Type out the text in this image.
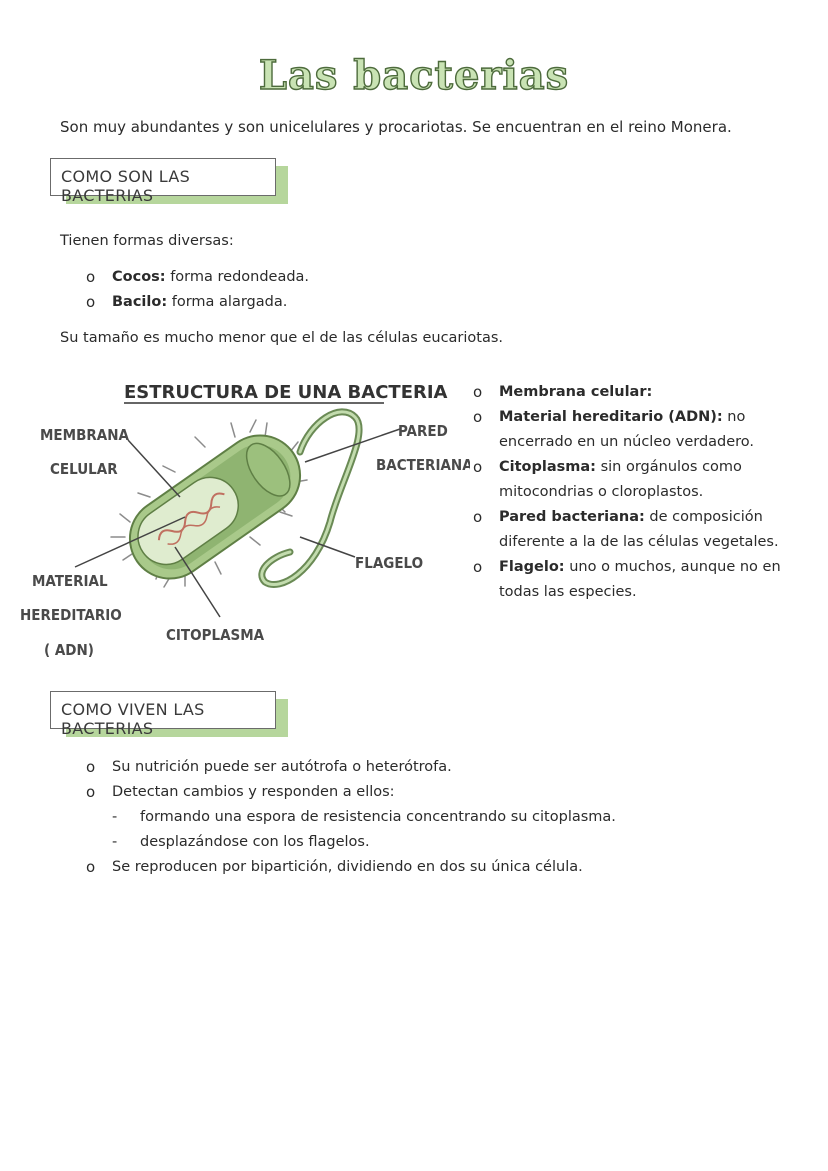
Las bacterias
Son muy abundantes y son unicelulares y procariotas. Se encuentran en el reino Monera.
COMO SON LAS BACTERIAS
Tienen formas diversas:
o Cocos: forma redondeada.
o Bacilo: forma alargada.
Su tamaño es mucho menor que el de las células eucariotas.
ESTRUCTURA DE UNA BACTERIA
MEMBRANA
CELULAR
PARED
BACTERIANA
FLAGELO
MATERIAL
HEREDITARIO
( ADN)
CITOPLASMA
o Membrana celular:
o Material hereditario (ADN): no encerrado en un núcleo verdadero.
o Citoplasma: sin orgánulos como mitocondrias o cloroplastos.
o Pared bacteriana: de composición diferente a la de las células vegetales.
o Flagelo: uno o muchos, aunque no en todas las especies.
COMO VIVEN LAS BACTERIAS
o Su nutrición puede ser autótrofa o heterótrofa.
o Detectan cambios y responden a ellos:
- formando una espora de resistencia concentrando su citoplasma.
- desplazándose con los flagelos.
o Se reproducen por bipartición, dividiendo en dos su única célula.
